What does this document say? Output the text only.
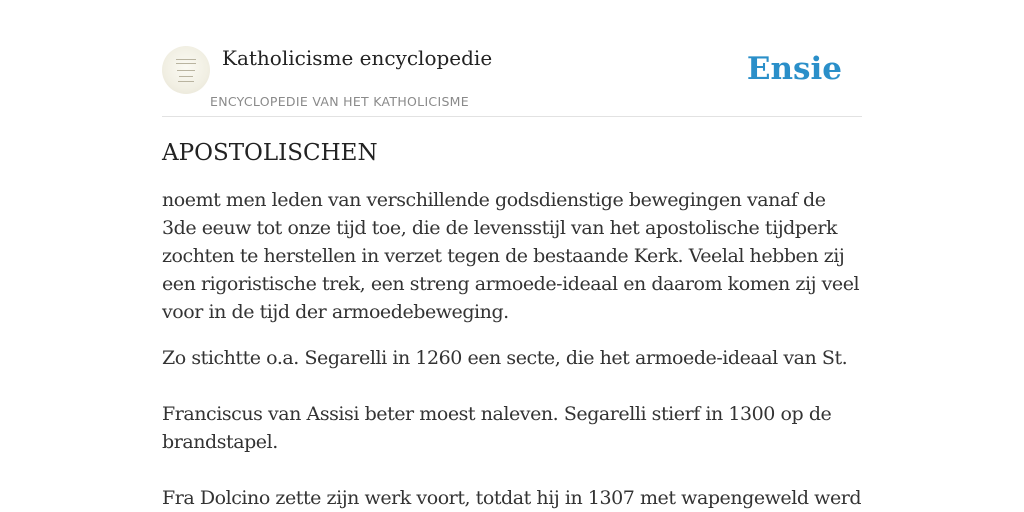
Katholicisme encyclopedie
ENCYCLOPEDIE VAN HET KATHOLICISME
Ensie
APOSTOLISCHEN

noemt men leden van verschillende godsdienstige bewegingen vanaf de 3de eeuw tot onze tijd toe, die de levensstijl van het apostolische tijdperk zochten te herstellen in verzet tegen de bestaande Kerk. Veelal hebben zij een rigoristische trek, een streng armoede-ideaal en daarom komen zij veel voor in de tijd der armoedebeweging.

Zo stichtte o.a. Segarelli in 1260 een secte, die het armoede-ideaal van St.

Franciscus van Assisi beter moest naleven. Segarelli stierf in 1300 op de brandstapel.

Fra Dolcino zette zijn werk voort, totdat hij in 1307 met wapengeweld werd
